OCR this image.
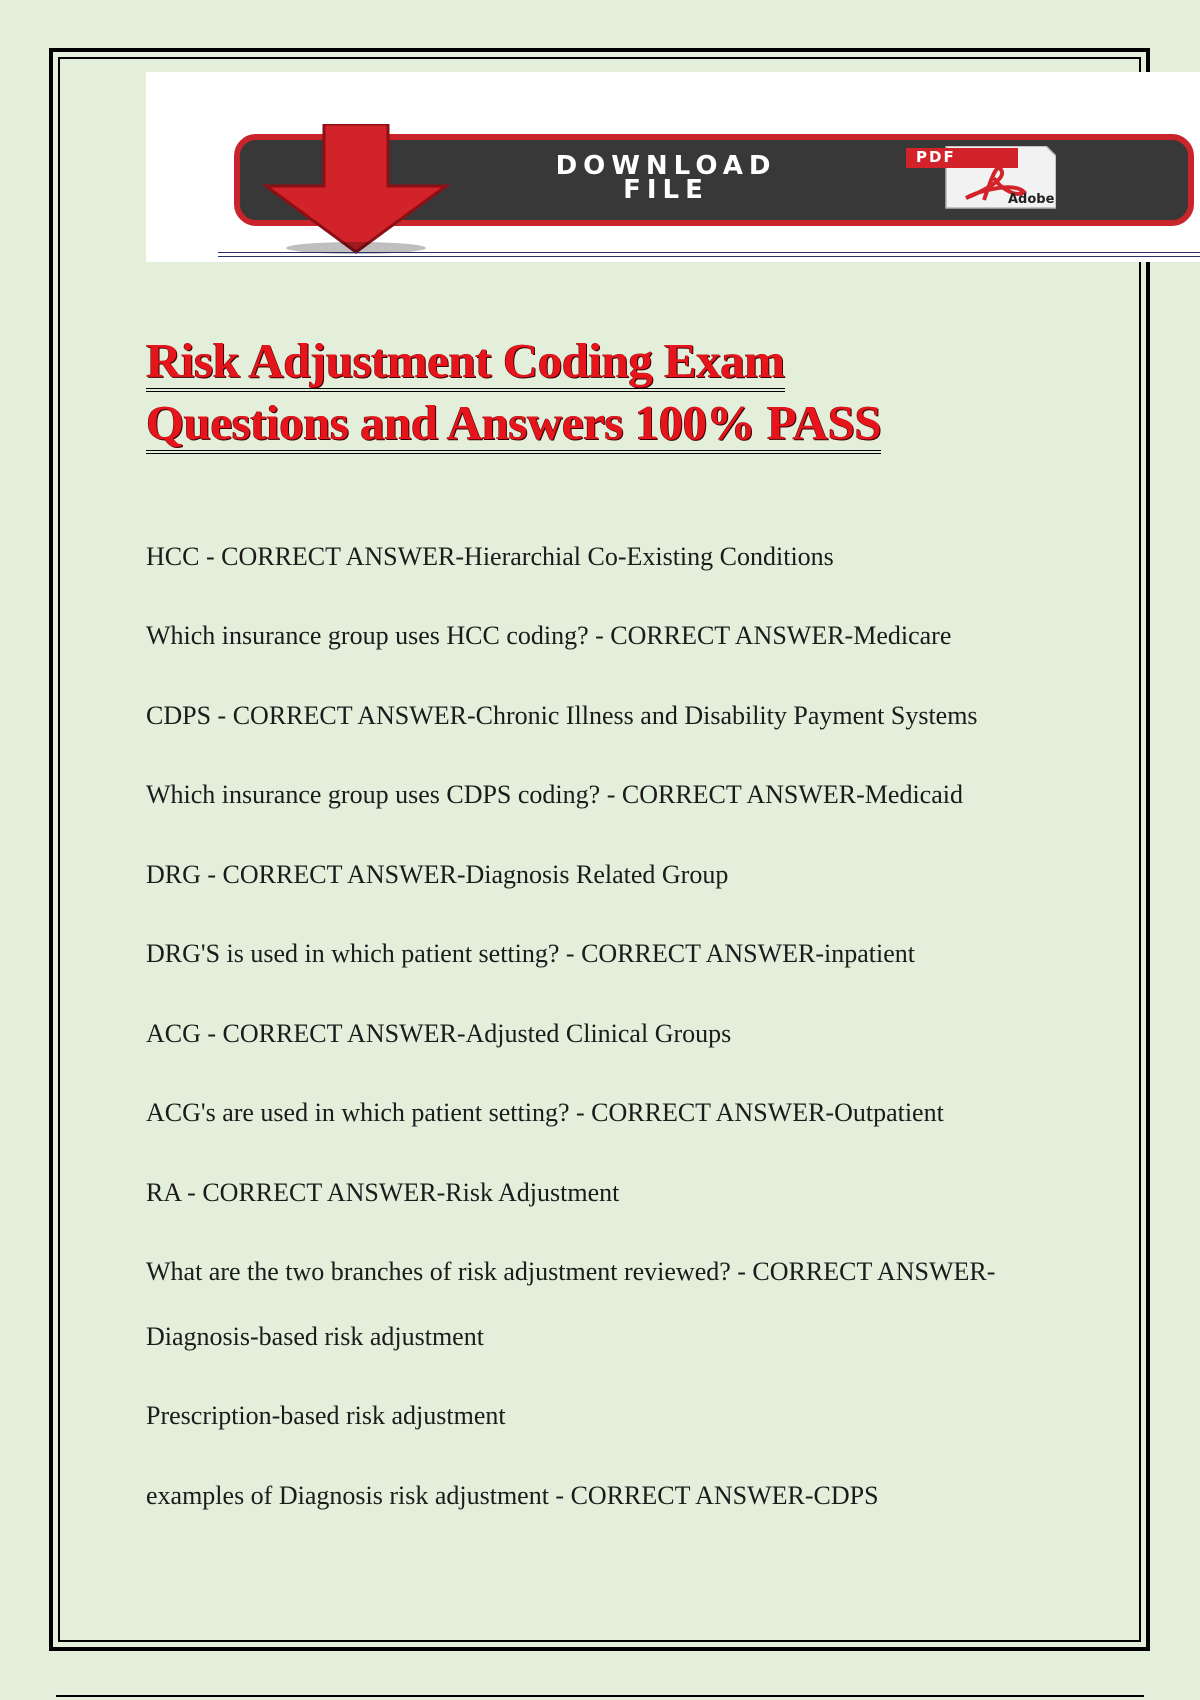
DOWNLOAD
FILE
PDF
Adobe
Risk Adjustment Coding Exam
Questions and Answers 100% PASS
HCC - CORRECT ANSWER-Hierarchial Co-Existing Conditions
Which insurance group uses HCC coding? - CORRECT ANSWER-Medicare
CDPS - CORRECT ANSWER-Chronic Illness and Disability Payment Systems
Which insurance group uses CDPS coding? - CORRECT ANSWER-Medicaid
DRG - CORRECT ANSWER-Diagnosis Related Group
DRG'S is used in which patient setting? - CORRECT ANSWER-inpatient
ACG - CORRECT ANSWER-Adjusted Clinical Groups
ACG's are used in which patient setting? - CORRECT ANSWER-Outpatient
RA - CORRECT ANSWER-Risk Adjustment
What are the two branches of risk adjustment reviewed? - CORRECT ANSWER-
Diagnosis-based risk adjustment
Prescription-based risk adjustment
examples of Diagnosis risk adjustment - CORRECT ANSWER-CDPS
